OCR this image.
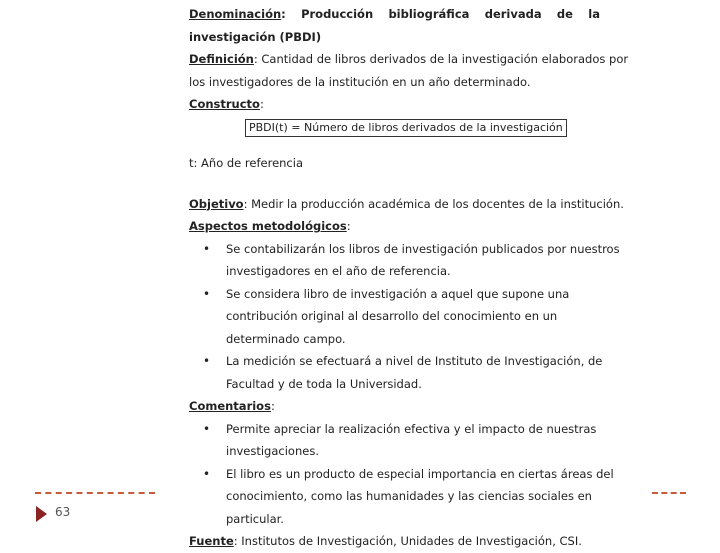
Denominación: Producción bibliográfica derivada de la
investigación (PBDI)
Definición: Cantidad de libros derivados de la investigación elaborados por
los investigadores de la institución en un año determinado.
Constructo:
PBDI(t) = Número de libros derivados de la investigación
t: Año de referencia
Objetivo: Medir la producción académica de los docentes de la institución.
Aspectos metodológicos:
• Se contabilizarán los libros de investigación publicados por nuestros
investigadores en el año de referencia.
• Se considera libro de investigación a aquel que supone una
contribución original al desarrollo del conocimiento en un
determinado campo.
• La medición se efectuará a nivel de Instituto de Investigación, de
Facultad y de toda la Universidad.
Comentarios:
• Permite apreciar la realización efectiva y el impacto de nuestras
investigaciones.
• El libro es un producto de especial importancia en ciertas áreas del
conocimiento, como las humanidades y las ciencias sociales en
particular.
Fuente: Institutos de Investigación, Unidades de Investigación, CSI.
63
